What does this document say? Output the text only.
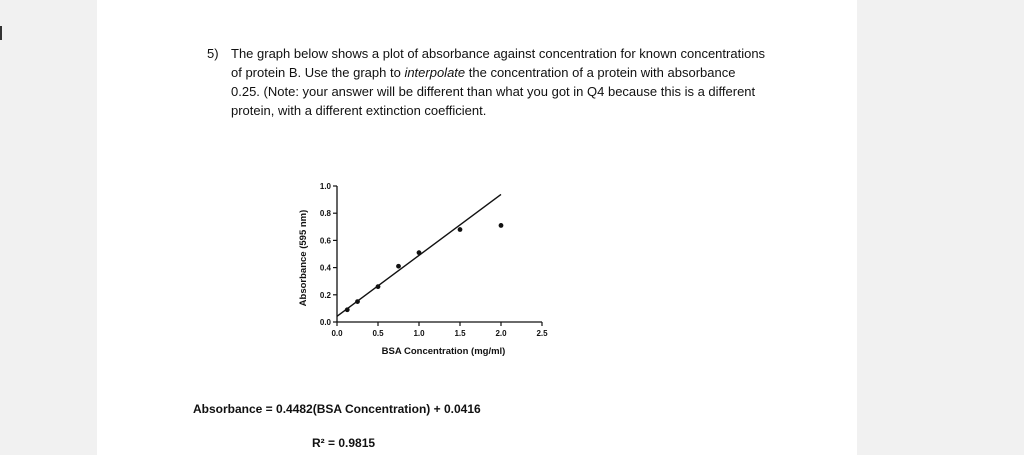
5) The graph below shows a plot of absorbance against concentration for known concentrations of protein B. Use the graph to interpolate the concentration of a protein with absorbance 0.25. (Note: your answer will be different than what you got in Q4 because this is a different protein, with a different extinction coefficient.
0.0	0.5	1.0	1.5	2.0	2.5
0.0
0.2
0.4
0.6
0.8
1.0
BSA Concentration (mg/ml)
Absorbance (595 nm)
Absorbance = 0.4482(BSA Concentration) + 0.0416
R² = 0.9815
